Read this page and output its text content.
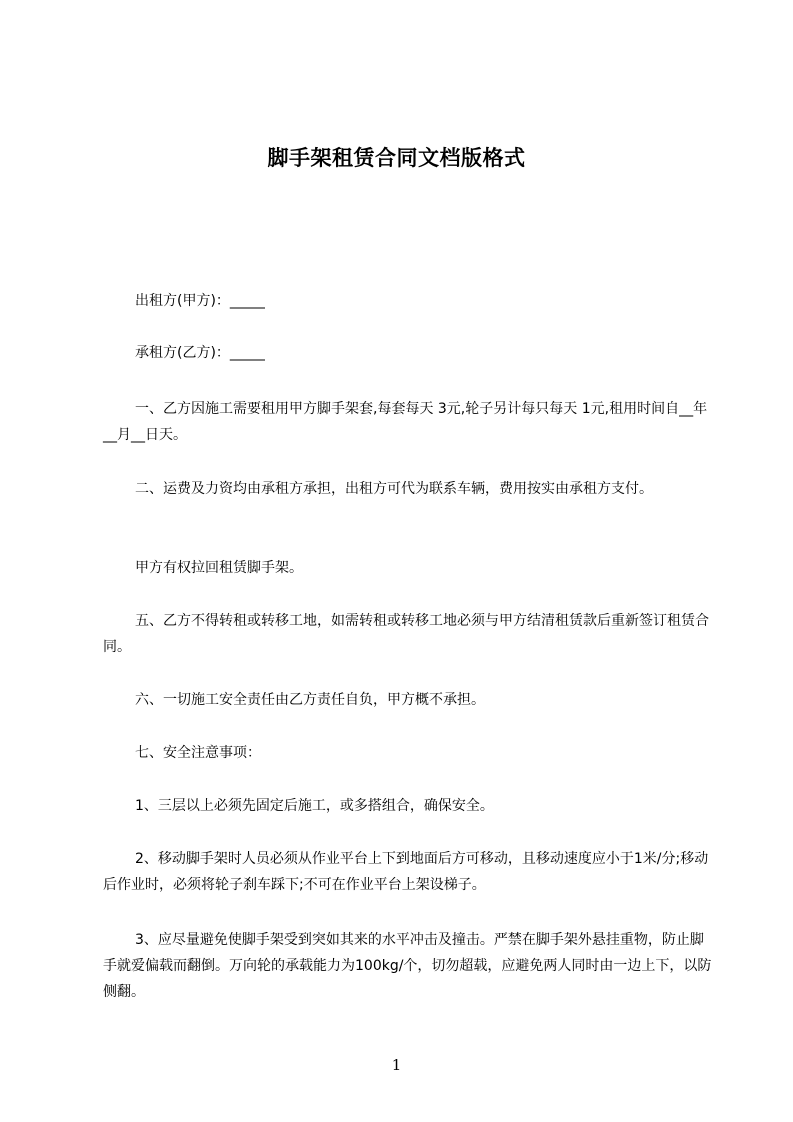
脚手架租赁合同文档版格式
出租方(甲方)：_____
承租方(乙方)：_____
一、乙方因施工需要租用甲方脚手架套,每套每天 3元,轮子另计每只每天 1元,租用时间自__年__月__日天。
二、运费及力资均由承租方承担，出租方可代为联系车辆，费用按实由承租方支付。
甲方有权拉回租赁脚手架。
五、乙方不得转租或转移工地，如需转租或转移工地必须与甲方结清租赁款后重新签订租赁合同。
六、一切施工安全责任由乙方责任自负，甲方概不承担。
七、安全注意事项：
1、三层以上必须先固定后施工，或多搭组合，确保安全。
2、移动脚手架时人员必须从作业平台上下到地面后方可移动，且移动速度应小于1米/分;移动后作业时，必须将轮子刹车踩下;不可在作业平台上架设梯子。
3、应尽量避免使脚手架受到突如其来的水平冲击及撞击。严禁在脚手架外悬挂重物，防止脚手就爱偏载而翻倒。万向轮的承载能力为100kg/个，切勿超载，应避免两人同时由一边上下，以防侧翻。
1
